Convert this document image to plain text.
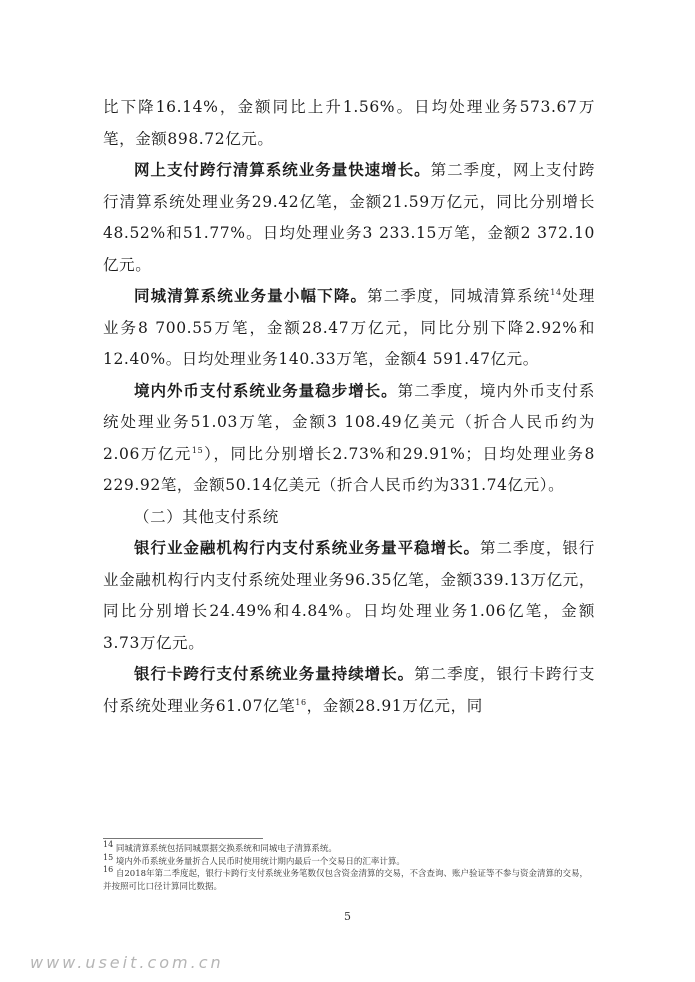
比下降16.14%，金额同比上升1.56%。日均处理业务573.67万笔，金额898.72亿元。

网上支付跨行清算系统业务量快速增长。第二季度，网上支付跨行清算系统处理业务29.42亿笔，金额21.59万亿元，同比分别增长48.52%和51.77%。日均处理业务3 233.15万笔，金额2 372.10亿元。

同城清算系统业务量小幅下降。第二季度，同城清算系统$^{14}$处理业务8 700.55万笔，金额28.47万亿元，同比分别下降2.92%和12.40%。日均处理业务140.33万笔，金额4 591.47亿元。

境内外币支付系统业务量稳步增长。第二季度，境内外币支付系统处理业务51.03万笔，金额3 108.49亿美元（折合人民币约为2.06万亿元$^{15}$），同比分别增长2.73%和29.91%；日均处理业务8 229.92笔，金额50.14亿美元（折合人民币约为331.74亿元）。

（二）其他支付系统

银行业金融机构行内支付系统业务量平稳增长。第二季度，银行业金融机构行内支付系统处理业务96.35亿笔，金额339.13万亿元，同比分别增长24.49%和4.84%。日均处理业务1.06亿笔，金额3.73万亿元。

银行卡跨行支付系统业务量持续增长。第二季度，银行卡跨行支付系统处理业务61.07亿笔$^{16}$，金额28.91万亿元，同

$^{14}$ 同城清算系统包括同城票据交换系统和同城电子清算系统。
$^{15}$ 境内外币系统业务量折合人民币时使用统计期内最后一个交易日的汇率计算。
$^{16}$ 自2018年第二季度起，银行卡跨行支付系统业务笔数仅包含资金清算的交易，不含查询、账户验证等不参与资金清算的交易，并按照可比口径计算同比数据。
5
www.useit.com.cn
